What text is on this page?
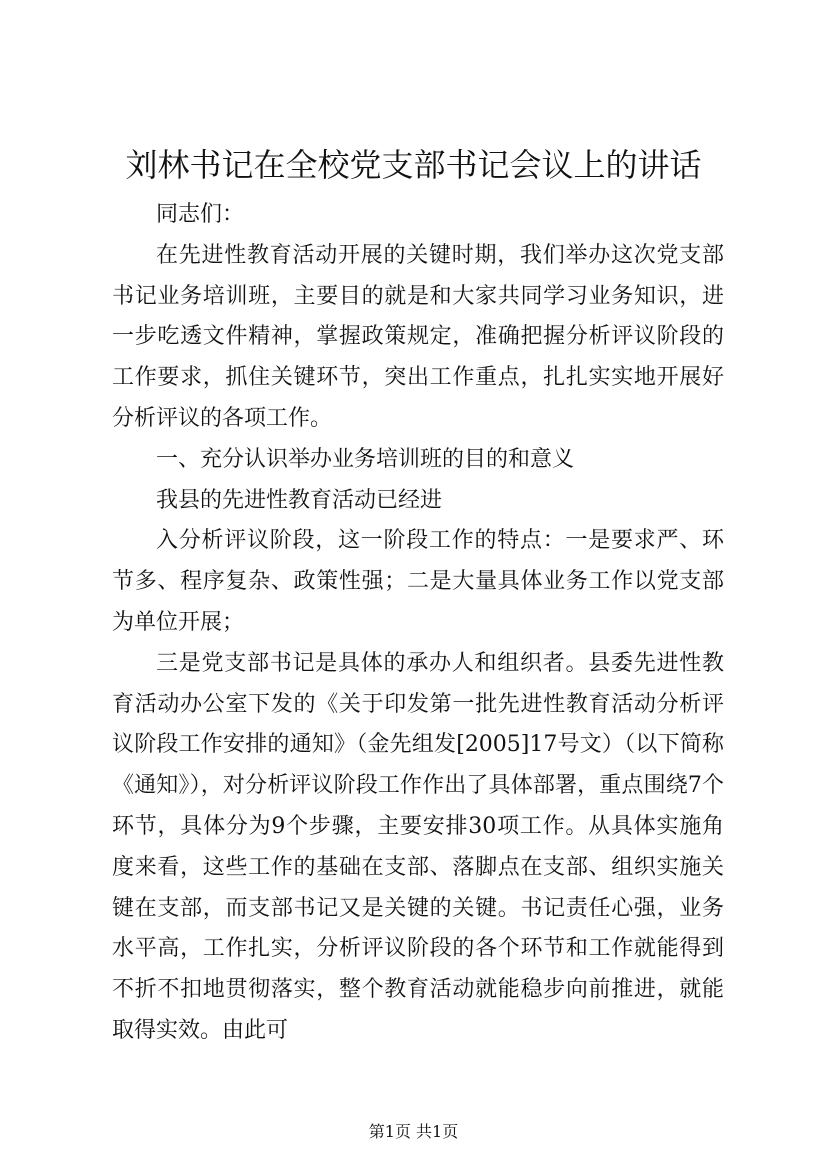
刘林书记在全校党支部书记会议上的讲话

同志们：

在先进性教育活动开展的关键时期，我们举办这次党支部书记业务培训班，主要目的就是和大家共同学习业务知识，进一步吃透文件精神，掌握政策规定，准确把握分析评议阶段的工作要求，抓住关键环节，突出工作重点，扎扎实实地开展好分析评议的各项工作。

一、充分认识举办业务培训班的目的和意义

我县的先进性教育活动已经进

入分析评议阶段，这一阶段工作的特点：一是要求严、环节多、程序复杂、政策性强；二是大量具体业务工作以党支部为单位开展；

三是党支部书记是具体的承办人和组织者。县委先进性教育活动办公室下发的《关于印发第一批先进性教育活动分析评议阶段工作安排的通知》（金先组发[2005]17号文）（以下简称《通知》），对分析评议阶段工作作出了具体部署，重点围绕7个环节，具体分为9个步骤，主要安排30项工作。从具体实施角度来看，这些工作的基础在支部、落脚点在支部、组织实施关键在支部，而支部书记又是关键的关键。书记责任心强，业务水平高，工作扎实，分析评议阶段的各个环节和工作就能得到不折不扣地贯彻落实，整个教育活动就能稳步向前推进，就能取得实效。由此可

第1页 共1页
